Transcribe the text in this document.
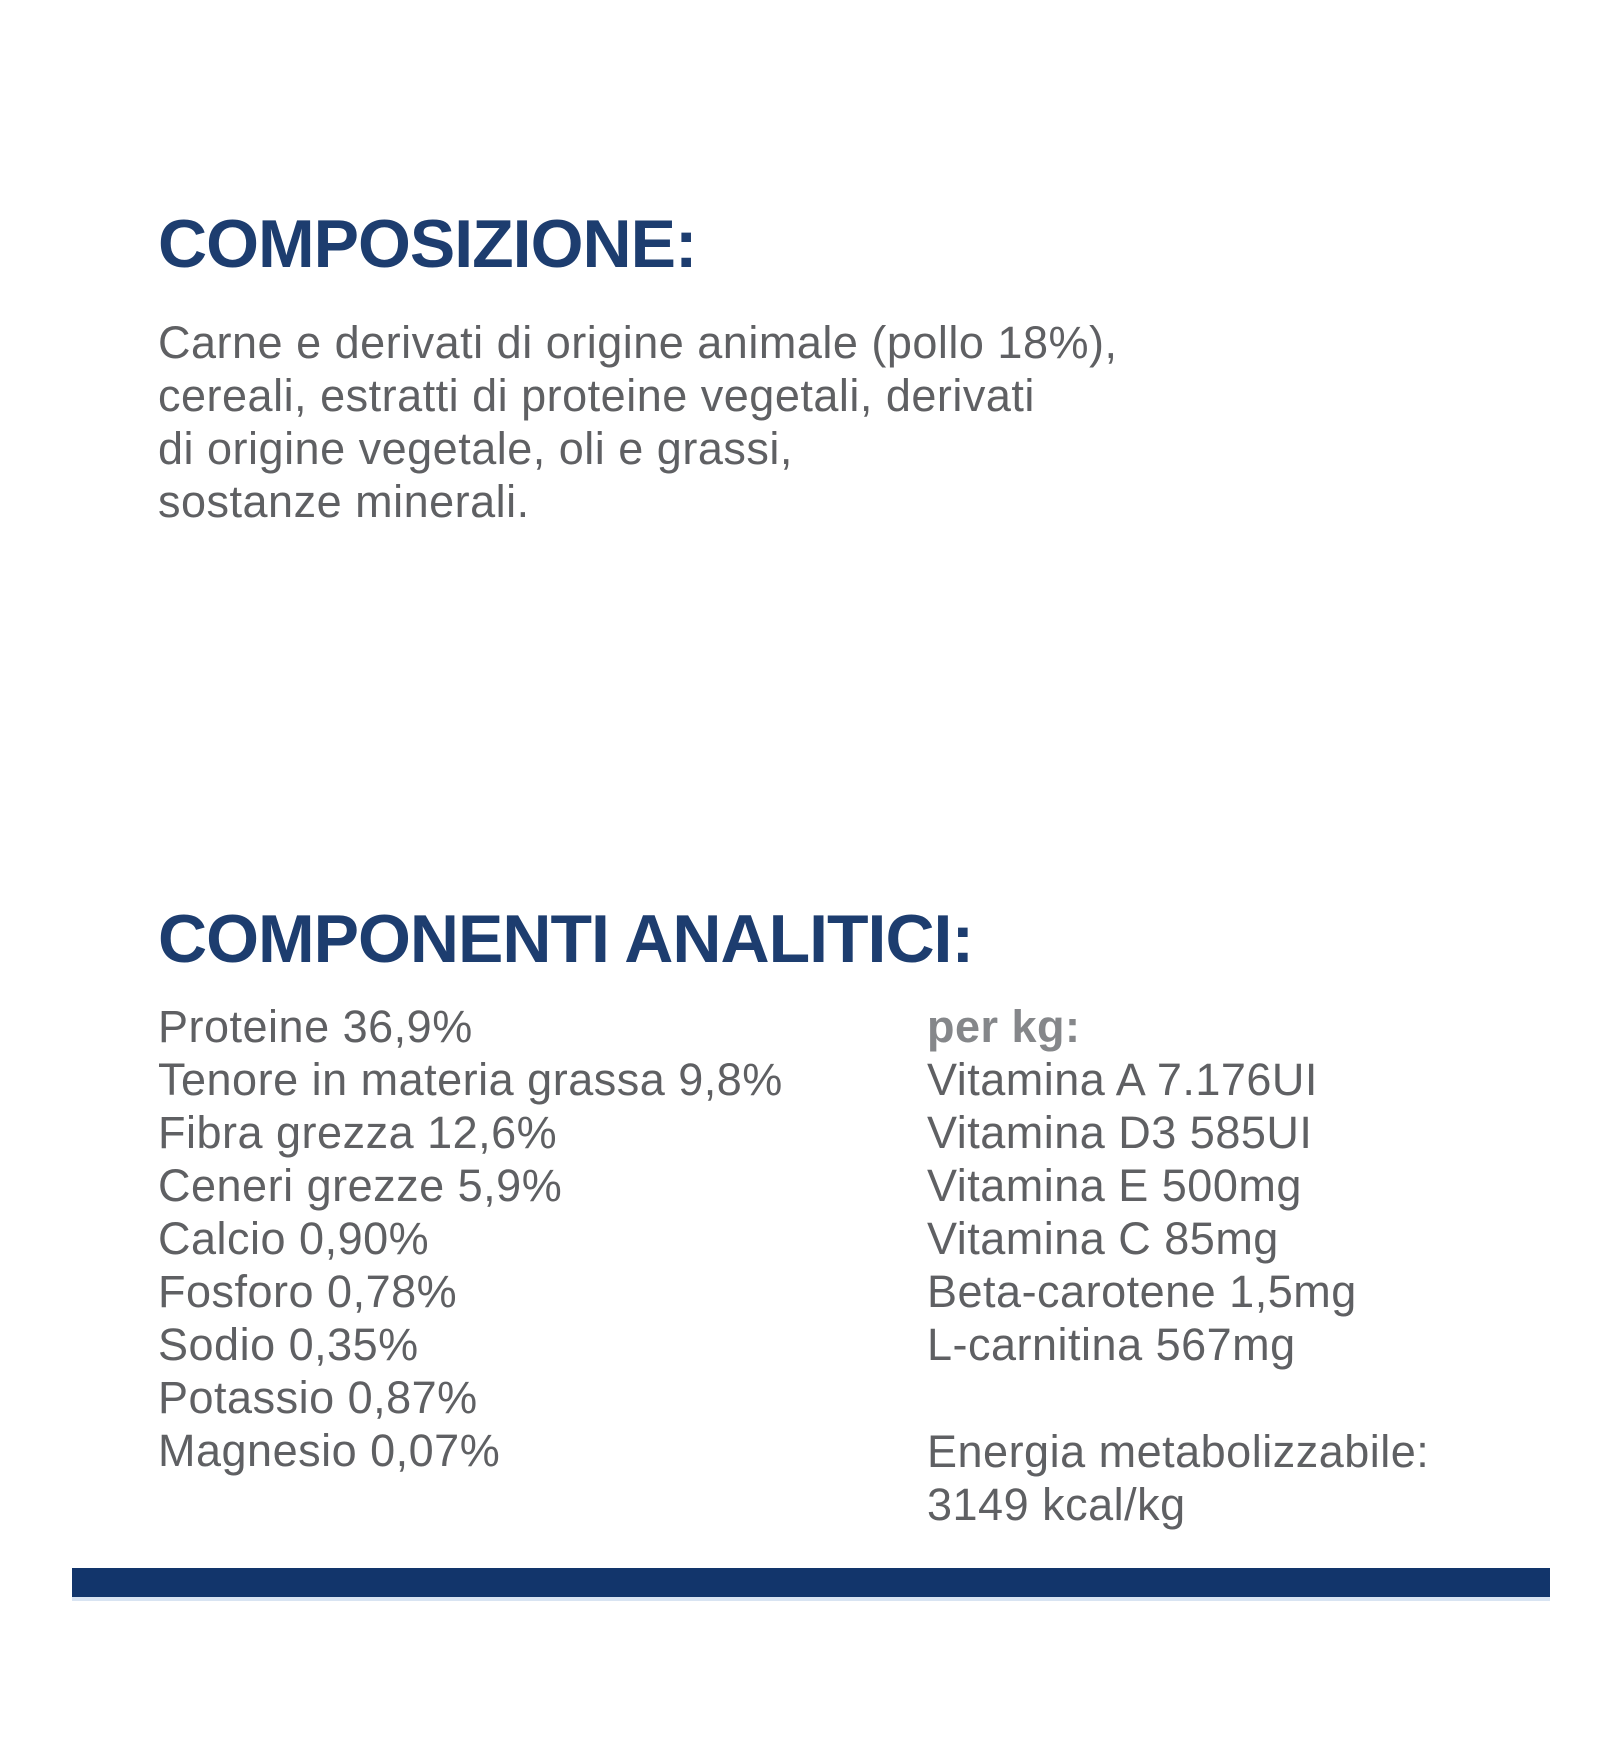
COMPOSIZIONE:
Carne e derivati di origine animale (pollo 18%),
cereali, estratti di proteine vegetali, derivati
di origine vegetale, oli e grassi,
sostanze minerali.
COMPONENTI ANALITICI:
Proteine 36,9%
Tenore in materia grassa 9,8%
Fibra grezza 12,6%
Ceneri grezze 5,9%
Calcio 0,90%
Fosforo 0,78%
Sodio 0,35%
Potassio 0,87%
Magnesio 0,07%
per kg:
Vitamina A 7.176UI
Vitamina D3 585UI
Vitamina E 500mg
Vitamina C 85mg
Beta-carotene 1,5mg
L-carnitina 567mg
Energia metabolizzabile:
3149 kcal/kg
